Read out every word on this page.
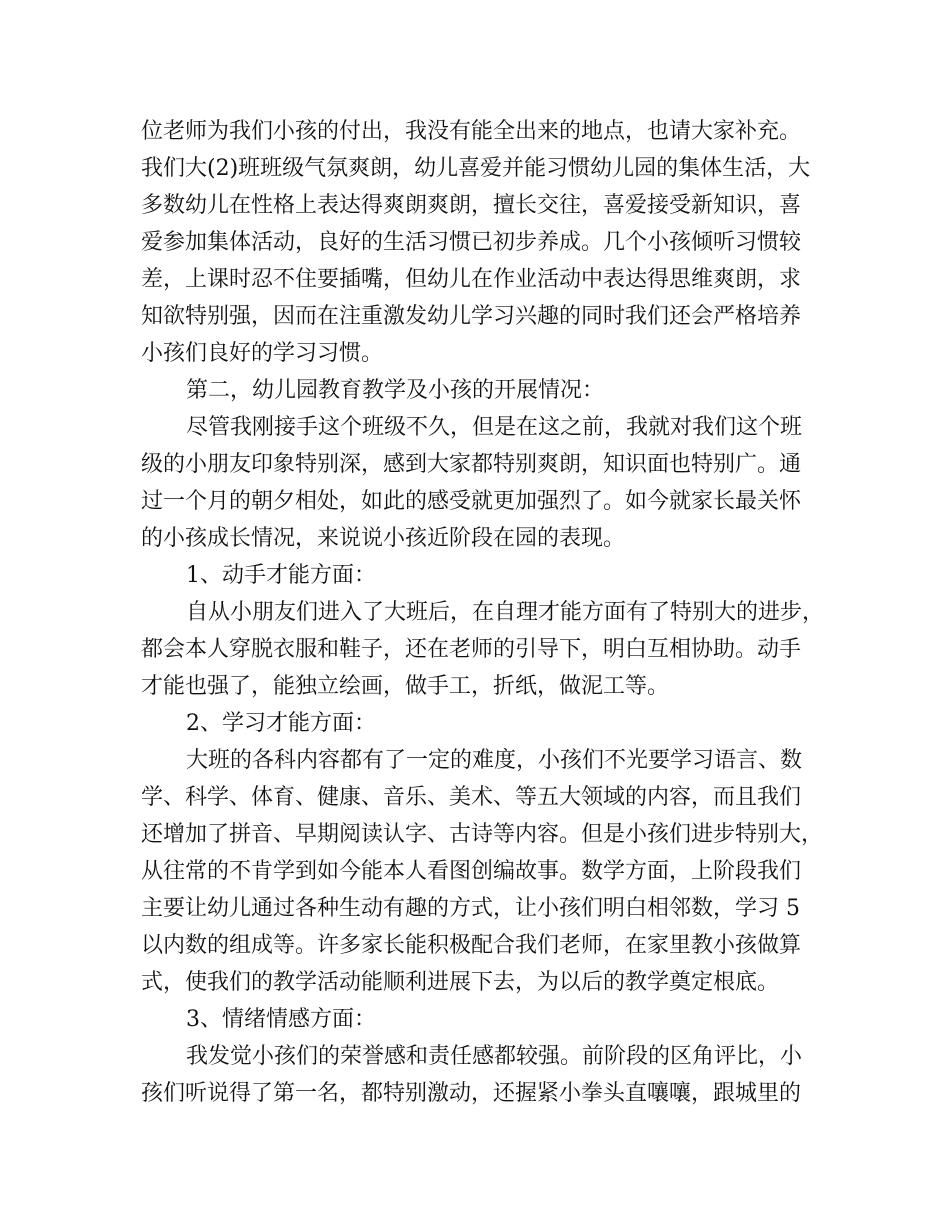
位老师为我们小孩的付出，我没有能全出来的地点，也请大家补充。
我们大(2)班班级气氛爽朗，幼儿喜爱并能习惯幼儿园的集体生活，大
多数幼儿在性格上表达得爽朗爽朗，擅长交往，喜爱接受新知识，喜
爱参加集体活动，良好的生活习惯已初步养成。几个小孩倾听习惯较
差，上课时忍不住要插嘴，但幼儿在作业活动中表达得思维爽朗，求
知欲特别强，因而在注重激发幼儿学习兴趣的同时我们还会严格培养
小孩们良好的学习习惯。
第二，幼儿园教育教学及小孩的开展情况：
尽管我刚接手这个班级不久，但是在这之前，我就对我们这个班
级的小朋友印象特别深，感到大家都特别爽朗，知识面也特别广。通
过一个月的朝夕相处，如此的感受就更加强烈了。如今就家长最关怀
的小孩成长情况，来说说小孩近阶段在园的表现。
1、动手才能方面：
自从小朋友们进入了大班后，在自理才能方面有了特别大的进步，
都会本人穿脱衣服和鞋子，还在老师的引导下，明白互相协助。动手
才能也强了，能独立绘画，做手工，折纸，做泥工等。
2、学习才能方面：
大班的各科内容都有了一定的难度，小孩们不光要学习语言、数
学、科学、体育、健康、音乐、美术、等五大领域的内容，而且我们
还增加了拼音、早期阅读认字、古诗等内容。但是小孩们进步特别大，
从往常的不肯学到如今能本人看图创编故事。数学方面，上阶段我们
主要让幼儿通过各种生动有趣的方式，让小孩们明白相邻数，学习 5
以内数的组成等。许多家长能积极配合我们老师，在家里教小孩做算
式，使我们的教学活动能顺利进展下去，为以后的教学奠定根底。
3、情绪情感方面：
我发觉小孩们的荣誉感和责任感都较强。前阶段的区角评比，小
孩们听说得了第一名，都特别激动，还握紧小拳头直嚷嚷，跟城里的
